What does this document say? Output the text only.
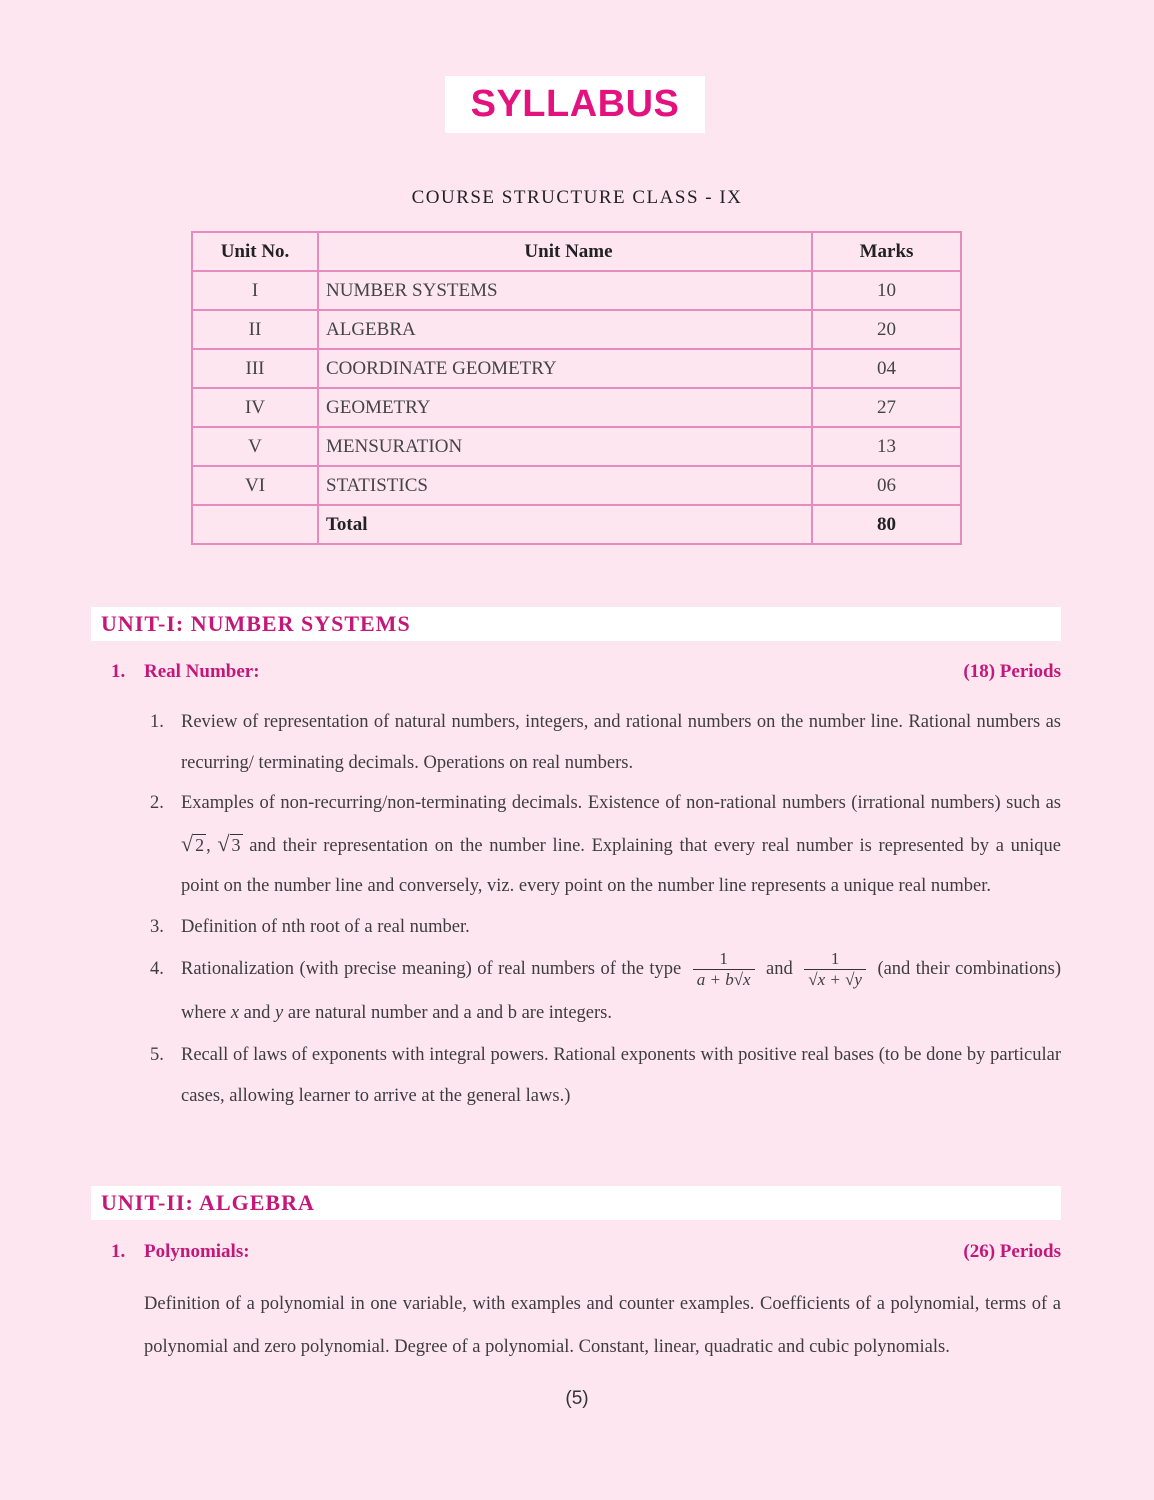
SYLLABUS
COURSE STRUCTURE CLASS - IX
Unit No.	Unit Name	Marks
I	NUMBER SYSTEMS	10
II	ALGEBRA	20
III	COORDINATE GEOMETRY	04
IV	GEOMETRY	27
V	MENSURATION	13
VI	STATISTICS	06
	Total	80
UNIT-I: NUMBER SYSTEMS
1. Real Number:	(18) Periods
1. Review of representation of natural numbers, integers, and rational numbers on the number line. Rational numbers as recurring/ terminating decimals. Operations on real numbers.
2. Examples of non-recurring/non-terminating decimals. Existence of non-rational numbers (irrational numbers) such as √ 2 , √ 3 and their representation on the number line. Explaining that every real number is represented by a unique point on the number line and conversely, viz. every point on the number line represents a unique real number.
3. Definition of nth root of a real number.
4. Rationalization (with precise meaning) of real numbers of the type $\frac{1}{a + b√x}$ and $\frac{1}{√x + √y} (and$ their combinations) where x and y are natural number and a and b are integers.
5. Recall of laws of exponents with integral powers. Rational exponents with positive real bases (to be done by particular cases, allowing learner to arrive at the general laws.)
UNIT-II: ALGEBRA
1. Polynomials:	(26) Periods
Definition of a polynomial in one variable, with examples and counter examples. Coefficients of a polynomial, terms of a polynomial and zero polynomial. Degree of a polynomial. Constant, linear, quadratic and cubic polynomials.
(5)
